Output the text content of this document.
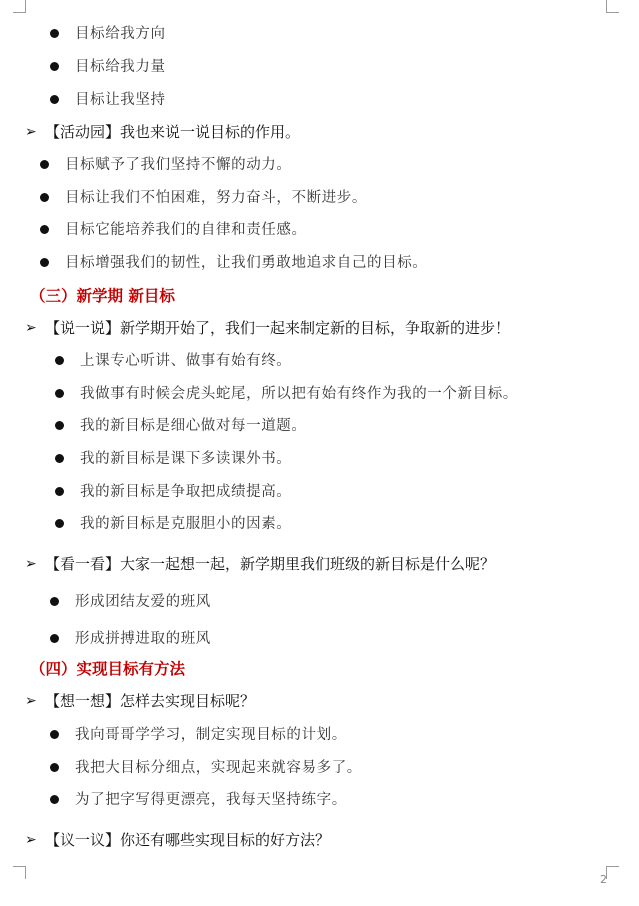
目标给我方向
目标给我力量
目标让我坚持
➢ 【活动园】我也来说一说目标的作用。
目标赋予了我们坚持不懈的动力。
目标让我们不怕困难，努力奋斗，不断进步。
目标它能培养我们的自律和责任感。
目标增强我们的韧性，让我们勇敢地追求自己的目标。
（三）新学期 新目标
➢ 【说一说】新学期开始了，我们一起来制定新的目标，争取新的进步！
上课专心听讲、做事有始有终。
我做事有时候会虎头蛇尾，所以把有始有终作为我的一个新目标。
我的新目标是细心做对每一道题。
我的新目标是课下多读课外书。
我的新目标是争取把成绩提高。
我的新目标是克服胆小的因素。
➢ 【看一看】大家一起想一起，新学期里我们班级的新目标是什么呢？
形成团结友爱的班风
形成拼搏进取的班风
（四）实现目标有方法
➢ 【想一想】怎样去实现目标呢？
我向哥哥学学习，制定实现目标的计划。
我把大目标分细点，实现起来就容易多了。
为了把字写得更漂亮，我每天坚持练字。
➢ 【议一议】你还有哪些实现目标的好方法？
2
